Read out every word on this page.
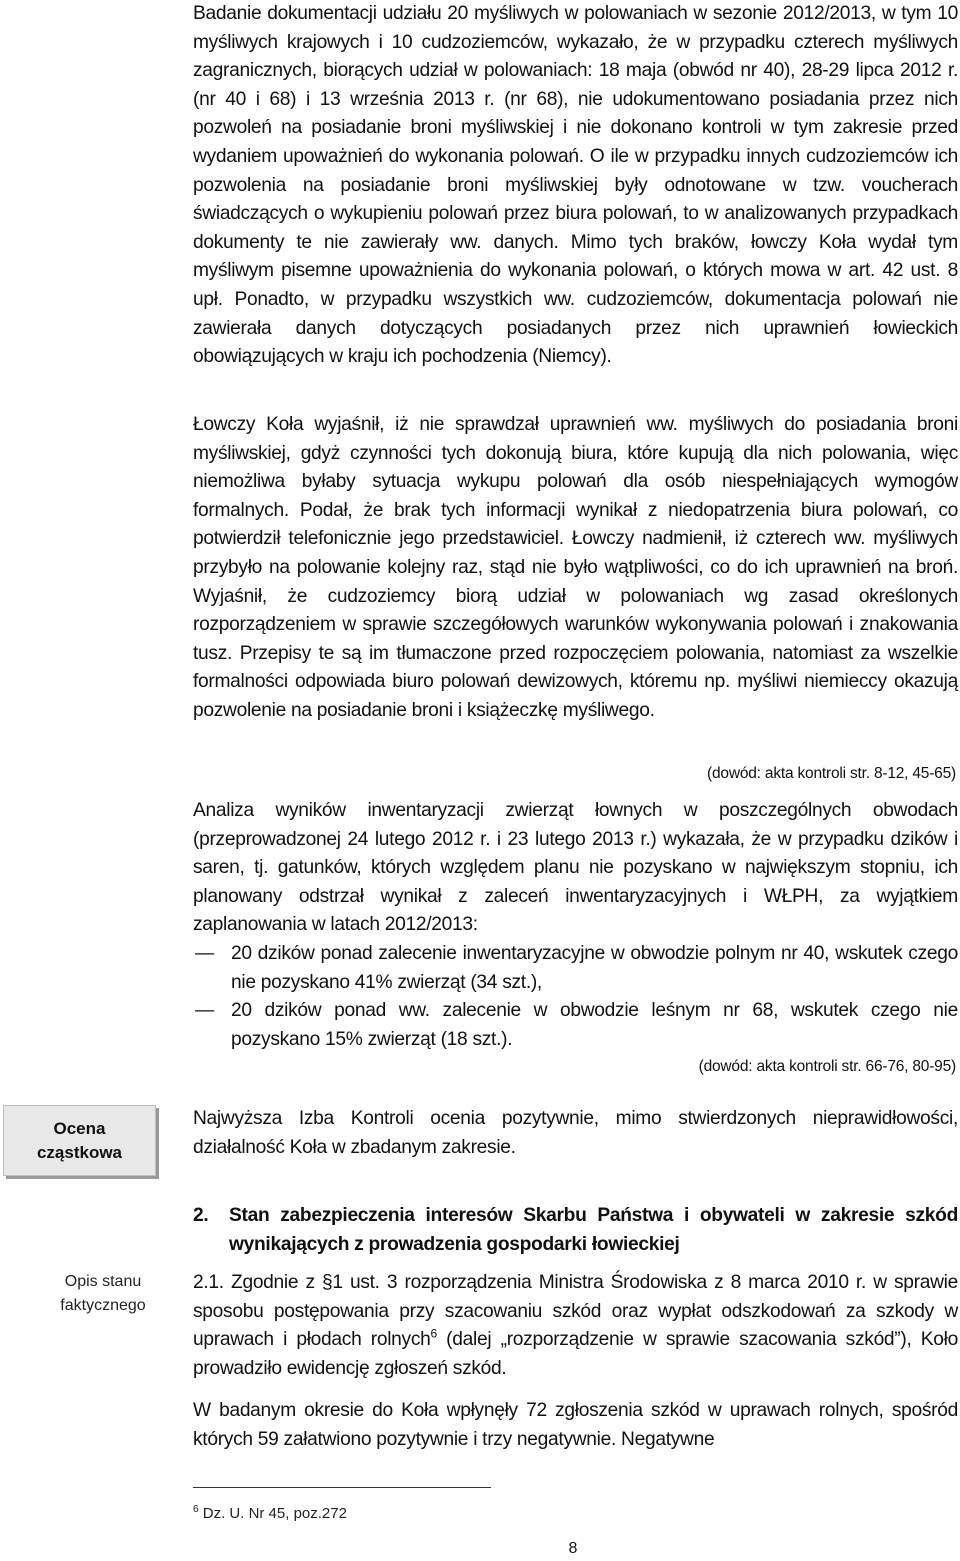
Badanie dokumentacji udziału 20 myśliwych w polowaniach w sezonie 2012/2013, w tym 10 myśliwych krajowych i 10 cudzoziemców, wykazało, że w przypadku czterech myśliwych zagranicznych, biorących udział w polowaniach: 18 maja (obwód nr 40), 28-29 lipca 2012 r. (nr 40 i 68) i 13 września 2013 r. (nr 68), nie udokumentowano posiadania przez nich pozwoleń na posiadanie broni myśliwskiej i nie dokonano kontroli w tym zakresie przed wydaniem upoważnień do wykonania polowań. O ile w przypadku innych cudzoziemców ich pozwolenia na posiadanie broni myśliwskiej były odnotowane w tzw. voucherach świadczących o wykupieniu polowań przez biura polowań, to w analizowanych przypadkach dokumenty te nie zawierały ww. danych. Mimo tych braków, łowczy Koła wydał tym myśliwym pisemne upoważnienia do wykonania polowań, o których mowa w art. 42 ust. 8 upł. Ponadto, w przypadku wszystkich ww. cudzoziemców, dokumentacja polowań nie zawierała danych dotyczących posiadanych przez nich uprawnień łowieckich obowiązujących w kraju ich pochodzenia (Niemcy).

Łowczy Koła wyjaśnił, iż nie sprawdzał uprawnień ww. myśliwych do posiadania broni myśliwskiej, gdyż czynności tych dokonują biura, które kupują dla nich polowania, więc niemożliwa byłaby sytuacja wykupu polowań dla osób niespełniających wymogów formalnych. Podał, że brak tych informacji wynikał z niedopatrzenia biura polowań, co potwierdził telefonicznie jego przedstawiciel. Łowczy nadmienił, iż czterech ww. myśliwych przybyło na polowanie kolejny raz, stąd nie było wątpliwości, co do ich uprawnień na broń. Wyjaśnił, że cudzoziemcy biorą udział w polowaniach wg zasad określonych rozporządzeniem w sprawie szczegółowych warunków wykonywania polowań i znakowania tusz. Przepisy te są im tłumaczone przed rozpoczęciem polowania, natomiast za wszelkie formalności odpowiada biuro polowań dewizowych, któremu np. myśliwi niemieccy okazują pozwolenie na posiadanie broni i książeczkę myśliwego.

(dowód: akta kontroli str. 8-12, 45-65)

Analiza wyników inwentaryzacji zwierząt łownych w poszczególnych obwodach (przeprowadzonej 24 lutego 2012 r. i 23 lutego 2013 r.) wykazała, że w przypadku dzików i saren, tj. gatunków, których względem planu nie pozyskano w największym stopniu, ich planowany odstrzał wynikał z zaleceń inwentaryzacyjnych i WŁPH, za wyjątkiem zaplanowania w latach 2012/2013:

― 20 dzików ponad zalecenie inwentaryzacyjne w obwodzie polnym nr 40, wskutek czego nie pozyskano 41% zwierząt (34 szt.),
― 20 dzików ponad ww. zalecenie w obwodzie leśnym nr 68, wskutek czego nie pozyskano 15% zwierząt (18 szt.).
(dowód: akta kontroli str. 66-76, 80-95)
Ocena
cząstkowa

Najwyższa Izba Kontroli ocenia pozytywnie, mimo stwierdzonych nieprawidłowości, działalność Koła w zbadanym zakresie.

2.	Stan zabezpieczenia interesów Skarbu Państwa i obywateli w zakresie szkód wynikających z prowadzenia gospodarki łowieckiej
Opis stanu
faktycznego

2.1. Zgodnie z §1 ust. 3 rozporządzenia Ministra Środowiska z 8 marca 2010 r. w sprawie sposobu postępowania przy szacowaniu szkód oraz wypłat odszkodowań za szkody w uprawach i płodach rolnych$^6$ (dalej „rozporządzenie w sprawie szacowania szkód”), Koło prowadziło ewidencję zgłoszeń szkód.

W badanym okresie do Koła wpłynęły 72 zgłoszenia szkód w uprawach rolnych, spośród których 59 załatwiono pozytywnie i trzy negatywnie. Negatywne

$^6$ Dz. U. Nr 45, poz.272
8
